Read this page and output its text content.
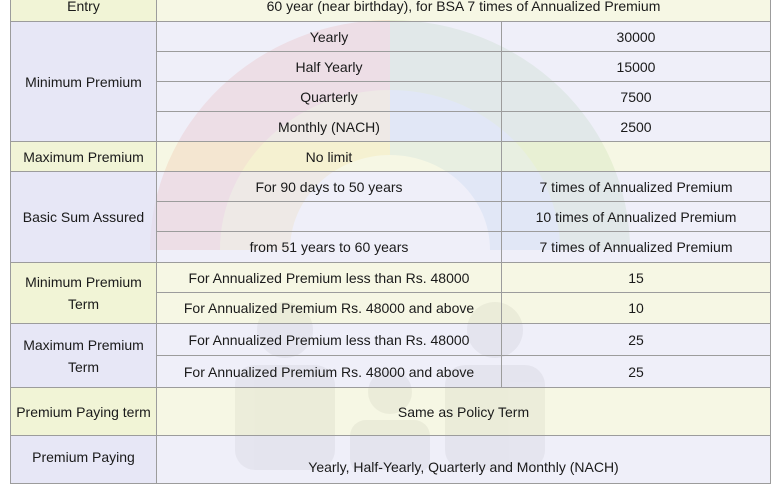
Entry	60 year (near birthday), for BSA 7 times of Annualized Premium	
Minimum Premium	Yearly	30000
	Half Yearly	15000
	Quarterly	7500
	Monthly (NACH)	2500
Maximum Premium	No limit	
Basic Sum Assured	For 90 days to 50 years	7 times of Annualized Premium
		10 times of Annualized Premium
	from 51 years to 60 years	7 times of Annualized Premium
Minimum Premium Term	For Annualized Premium less than Rs. 48000	15
	For Annualized Premium Rs. 48000 and above	10
Maximum Premium Term	For Annualized Premium less than Rs. 48000	25
	For Annualized Premium Rs. 48000 and above	25
Premium Paying term	Same as Policy Term	
Premium Paying	Yearly, Half-Yearly, Quarterly and Monthly (NACH)	
